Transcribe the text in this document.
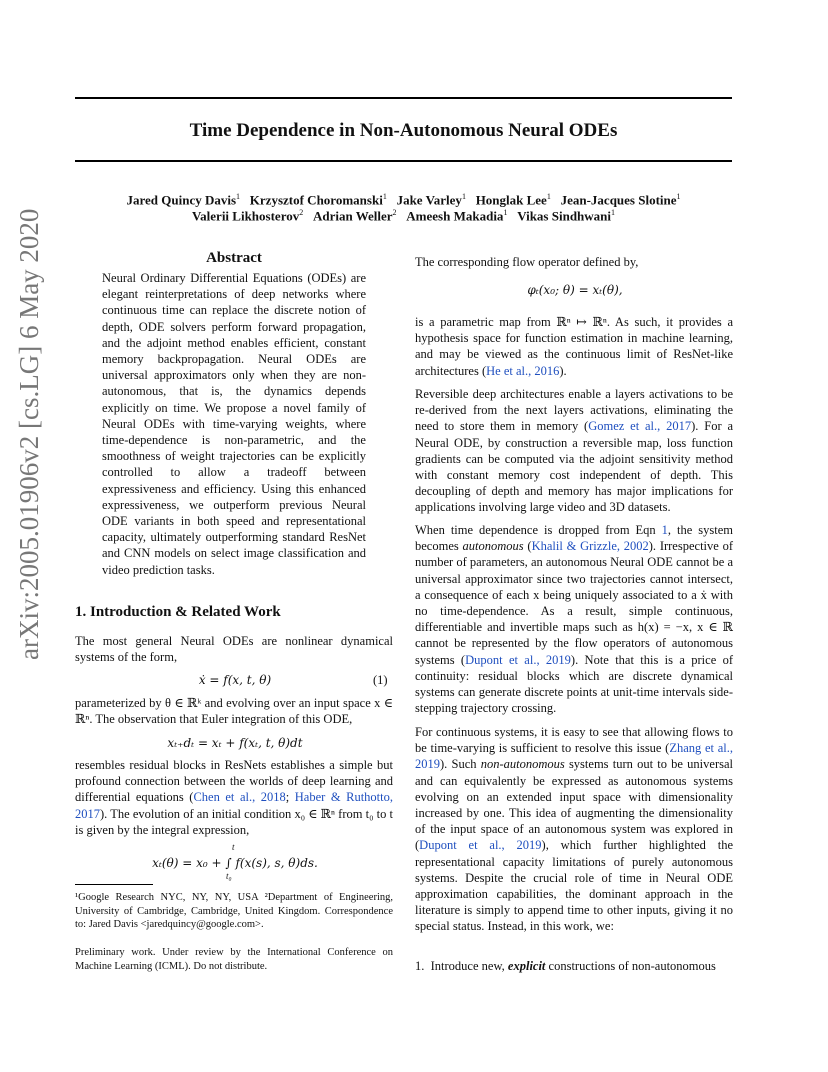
arXiv:2005.01906v2 [cs.LG] 6 May 2020
Time Dependence in Non-Autonomous Neural ODEs
Jared Quincy Davis$^1$ Krzysztof Choromanski$^1$ Jake Varley$^1$ Honglak Lee$^1$ Jean-Jacques Slotine$^1$
Valerii Likhosterov$^2$ Adrian Weller$^2$ Ameesh Makadia$^1$ Vikas Sindhwani$^1$
Abstract
Neural Ordinary Differential Equations (ODEs) are elegant reinterpretations of deep networks where continuous time can replace the discrete notion of depth, ODE solvers perform forward propagation, and the adjoint method enables efficient, constant memory backpropagation. Neural ODEs are universal approximators only when they are non-autonomous, that is, the dynamics depends explicitly on time. We propose a novel family of Neural ODEs with time-varying weights, where time-dependence is non-parametric, and the smoothness of weight trajectories can be explicitly controlled to allow a tradeoff between expressiveness and efficiency. Using this enhanced expressiveness, we outperform previous Neural ODE variants in both speed and representational capacity, ultimately outperforming standard ResNet and CNN models on select image classification and video prediction tasks.
1. Introduction & Related Work
The most general Neural ODEs are nonlinear dynamical systems of the form,
ẋ = f(x, t, θ)	(1)
parameterized by θ ∈ ℝᵏ and evolving over an input space x ∈ ℝⁿ. The observation that Euler integration of this ODE,
xₜ₊dₜ = xₜ + f(xₜ, t, θ)dt
resembles residual blocks in ResNets establishes a simple but profound connection between the worlds of deep learning and differential equations (Chen et al., 2018; Haber & Ruthotto, 2017). The evolution of an initial condition x₀ ∈ ℝⁿ from t₀ to t is given by the integral expression,
xₜ(θ) = x₀ + ∫ f(x(s), s, θ)ds.
t
t₀
¹Google Research NYC, NY, NY, USA ²Department of Engineering, University of Cambridge, Cambridge, United Kingdom. Correspondence to: Jared Davis <jaredquincy@google.com>.
Preliminary work. Under review by the International Conference on Machine Learning (ICML). Do not distribute.
The corresponding flow operator defined by,
φₜ(x₀; θ) = xₜ(θ),
is a parametric map from ℝⁿ ↦ ℝⁿ. As such, it provides a hypothesis space for function estimation in machine learning, and may be viewed as the continuous limit of ResNet-like architectures (He et al., 2016).
Reversible deep architectures enable a layers activations to be re-derived from the next layers activations, eliminating the need to store them in memory (Gomez et al., 2017). For a Neural ODE, by construction a reversible map, loss function gradients can be computed via the adjoint sensitivity method with constant memory cost independent of depth. This decoupling of depth and memory has major implications for applications involving large video and 3D datasets.
When time dependence is dropped from Eqn 1, the system becomes autonomous (Khalil & Grizzle, 2002). Irrespective of number of parameters, an autonomous Neural ODE cannot be a universal approximator since two trajectories cannot intersect, a consequence of each x being uniquely associated to a ẋ with no time-dependence. As a result, simple continuous, differentiable and invertible maps such as h(x) = −x, x ∈ ℝ cannot be represented by the flow operators of autonomous systems (Dupont et al., 2019). Note that this is a price of continuity: residual blocks which are discrete dynamical systems can generate discrete points at unit-time intervals side-stepping trajectory crossing.
For continuous systems, it is easy to see that allowing flows to be time-varying is sufficient to resolve this issue (Zhang et al., 2019). Such non-autonomous systems turn out to be universal and can equivalently be expressed as autonomous systems evolving on an extended input space with dimensionality increased by one. This idea of augmenting the dimensionality of the input space of an autonomous system was explored in (Dupont et al., 2019), which further highlighted the representational capacity limitations of purely autonomous systems. Despite the crucial role of time in Neural ODE approximation capabilities, the dominant approach in the literature is simply to append time to other inputs, giving it no special status. Instead, in this work, we:
1. Introduce new, explicit constructions of non-autonomous
